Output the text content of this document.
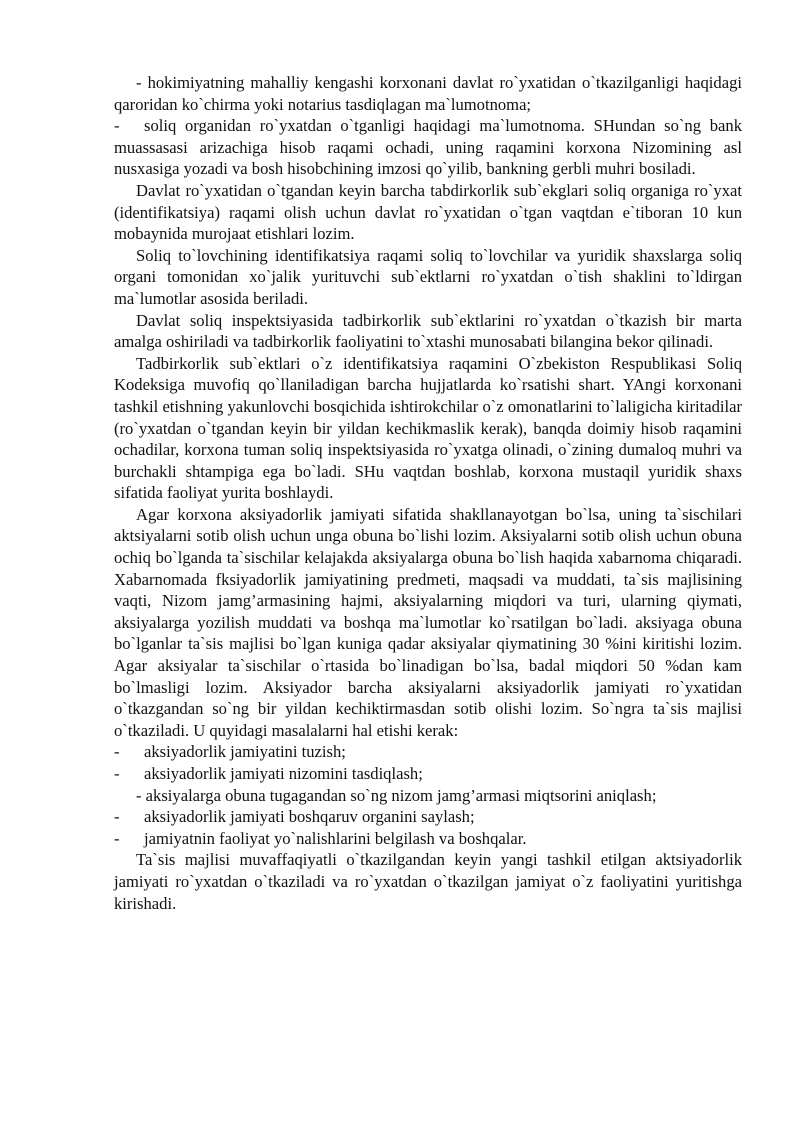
- hokimiyatning mahalliy kengashi korxonani davlat ro`yxatidan o`tkazilganligi haqidagi qaroridan ko`chirma yoki notarius tasdiqlagan ma`lumotnoma;

- soliq organidan ro`yxatdan o`tganligi haqidagi ma`lumotnoma. SHundan so`ng bank muassasasi arizachiga hisob raqami ochadi, uning raqamini korxona Nizomining asl nusxasiga yozadi va bosh hisobchining imzosi qo`yilib, bankning gerbli muhri bosiladi.

Davlat ro`yxatidan o`tgandan keyin barcha tabdirkorlik sub`ekglari soliq organiga ro`yxat (identifikatsiya) raqami olish uchun davlat ro`yxatidan o`tgan vaqtdan e`tiboran 10 kun mobaynida murojaat etishlari lozim.

Soliq to`lovchining identifikatsiya raqami soliq to`lovchilar va yuridik shaxslarga soliq organi tomonidan xo`jalik yurituvchi sub`ektlarni ro`yxatdan o`tish shaklini to`ldirgan ma`lumotlar asosida beriladi.

Davlat soliq inspektsiyasida tadbirkorlik sub`ektlarini ro`yxatdan o`tkazish bir marta amalga oshiriladi va tadbirkorlik faoliyatini to`xtashi munosabati bilangina bekor qilinadi.

Tadbirkorlik sub`ektlari o`z identifikatsiya raqamini O`zbekiston Respublikasi Soliq Kodeksiga muvofiq qo`llaniladigan barcha hujjatlarda ko`rsatishi shart. YAngi korxonani tashkil etishning yakunlovchi bosqichida ishtirokchilar o`z omonatlarini to`laligicha kiritadilar (ro`yxatdan o`tgandan keyin bir yildan kechikmaslik kerak), banqda doimiy hisob raqamini ochadilar, korxona tuman soliq inspektsiyasida ro`yxatga olinadi, o`zining dumaloq muhri va burchakli shtampiga ega bo`ladi. SHu vaqtdan boshlab, korxona mustaqil yuridik shaxs sifatida faoliyat yurita boshlaydi.

Agar korxona aksiyadorlik jamiyati sifatida shakllanayotgan bo`lsa, uning ta`sischilari aktsiyalarni sotib olish uchun unga obuna bo`lishi lozim. Aksiyalarni sotib olish uchun obuna ochiq bo`lganda ta`sischilar kelajakda aksiyalarga obuna bo`lish haqida xabarnoma chiqaradi. Xabarnomada fksiyadorlik jamiyatining predmeti, maqsadi va muddati, ta`sis majlisining vaqti, Nizom jamg’armasining hajmi, aksiyalarning miqdori va turi, ularning qiymati, aksiyalarga yozilish muddati va boshqa ma`lumotlar ko`rsatilgan bo`ladi. aksiyaga obuna bo`lganlar ta`sis majlisi bo`lgan kuniga qadar aksiyalar qiymatining 30 %ini kiritishi lozim. Agar aksiyalar ta`sischilar o`rtasida bo`linadigan bo`lsa, badal miqdori 50 %dan kam bo`lmasligi lozim. Aksiyador barcha aksiyalarni aksiyadorlik jamiyati ro`yxatidan o`tkazgandan so`ng bir yildan kechiktirmasdan sotib olishi lozim. So`ngra ta`sis majlisi o`tkaziladi. U quyidagi masalalarni hal etishi kerak:

- aksiyadorlik jamiyatini tuzish;

- aksiyadorlik jamiyati nizomini tasdiqlash;

- aksiyalarga obuna tugagandan so`ng nizom jamg’armasi miqtsorini aniqlash;

- aksiyadorlik jamiyati boshqaruv organini saylash;

- jamiyatnin faoliyat yo`nalishlarini belgilash va boshqalar.

Ta`sis majlisi muvaffaqiyatli o`tkazilgandan keyin yangi tashkil etilgan aktsiyadorlik jamiyati ro`yxatdan o`tkaziladi va ro`yxatdan o`tkazilgan jamiyat o`z faoliyatini yuritishga kirishadi.
